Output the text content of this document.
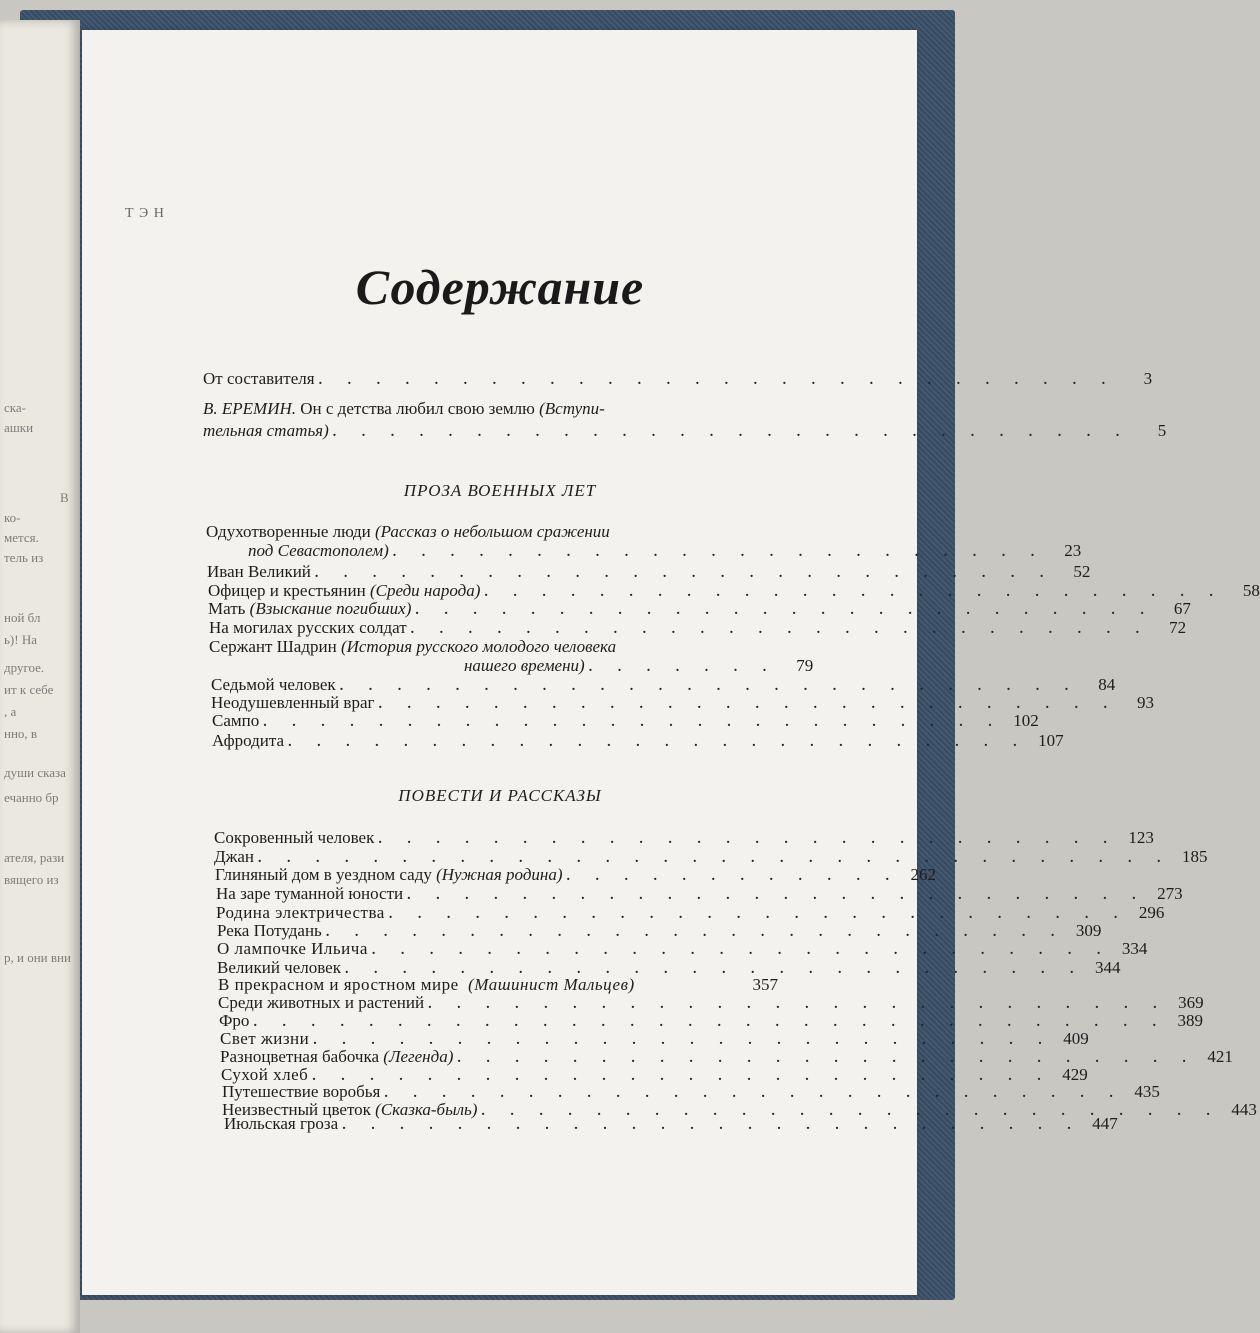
ска-
ашки
В
ко-
мется.
тель из
ной бл
ь)! На
другое.
ит к себе
, а
нно, в
души сказа
ечанно бр
ателя, рази
вящего из
р, и они вни
Т Э Н
Содержание
От составителя . . . . . . . . . . . . . . . . . . . . . . . . . . . .	3
В. ЕРЕМИН. Он с детства любил свою землю (Вступи-
тельная статья) . . . . . . . . . . . . . . . . . . . . . . . . . . . .	5
ПРОЗА ВОЕННЫХ ЛЕТ
Одухотворенные люди (Рассказ о небольшом сражении
под Севастополем) . . . . . . . . . . . . . . . . . . . . . . .	23
Иван Великий . . . . . . . . . . . . . . . . . . . . . . . . . .	52
Офицер и крестьянин (Среди народа) . . . . . . . . . . . . . . . . . . . . . . . . . .	58
Мать (Взыскание погибших) . . . . . . . . . . . . . . . . . . . . . . . . . .	67
На могилах русских солдат . . . . . . . . . . . . . . . . . . . . . . . . . .	72
Сержант Шадрин (История русского молодого человека
нашего времени) . . . . . . .	79
Седьмой человек . . . . . . . . . . . . . . . . . . . . . . . . . .	84
Неодушевленный враг . . . . . . . . . . . . . . . . . . . . . . . . . .	93
Сампо . . . . . . . . . . . . . . . . . . . . . . . . . . 102
Афродита . . . . . . . . . . . . . . . . . . . . . . . . . . 107
ПОВЕСТИ И РАССКАЗЫ
Сокровенный человек . . . . . . . . . . . . . . . . . . . . . . . . . . 123
Джан . . . . . . . . . . . . . . . . . . . . . . . . . . . . . . . . 185
Глиняный дом в уездном саду (Нужная родина) . . . . . . . . . . . . 262
На заре туманной юности . . . . . . . . . . . . . . . . . . . . . . . . . . 273
Родина электричества . . . . . . . . . . . . . . . . . . . . . . . . . . 296
Река Потудань . . . . . . . . . . . . . . . . . . . . . . . . . . 309
О лампочке Ильича . . . . . . . . . . . . . . . . . . . . . . . . . . 334
Великий человек . . . . . . . . . . . . . . . . . . . . . . . . . . 344
В прекрасном и яростном мире (Машинист Мальцев)	357
Среди животных и растений . . . . . . . . . . . . . . . . . . . . . . . . . . 369
Фро . . . . . . . . . . . . . . . . . . . . . . . . . . . . . . . . 389
Свет жизни . . . . . . . . . . . . . . . . . . . . . . . . . . 409
Разноцветная бабочка (Легенда) . . . . . . . . . . . . . . . . . . . . . . . . . . 421
Сухой хлеб . . . . . . . . . . . . . . . . . . . . . . . . . . 429
Путешествие воробья . . . . . . . . . . . . . . . . . . . . . . . . . . 435
Неизвестный цветок (Сказка-быль) . . . . . . . . . . . . . . . . . . . . . . . . . . 443
Июльская гроза . . . . . . . . . . . . . . . . . . . . . . . . . . 447
